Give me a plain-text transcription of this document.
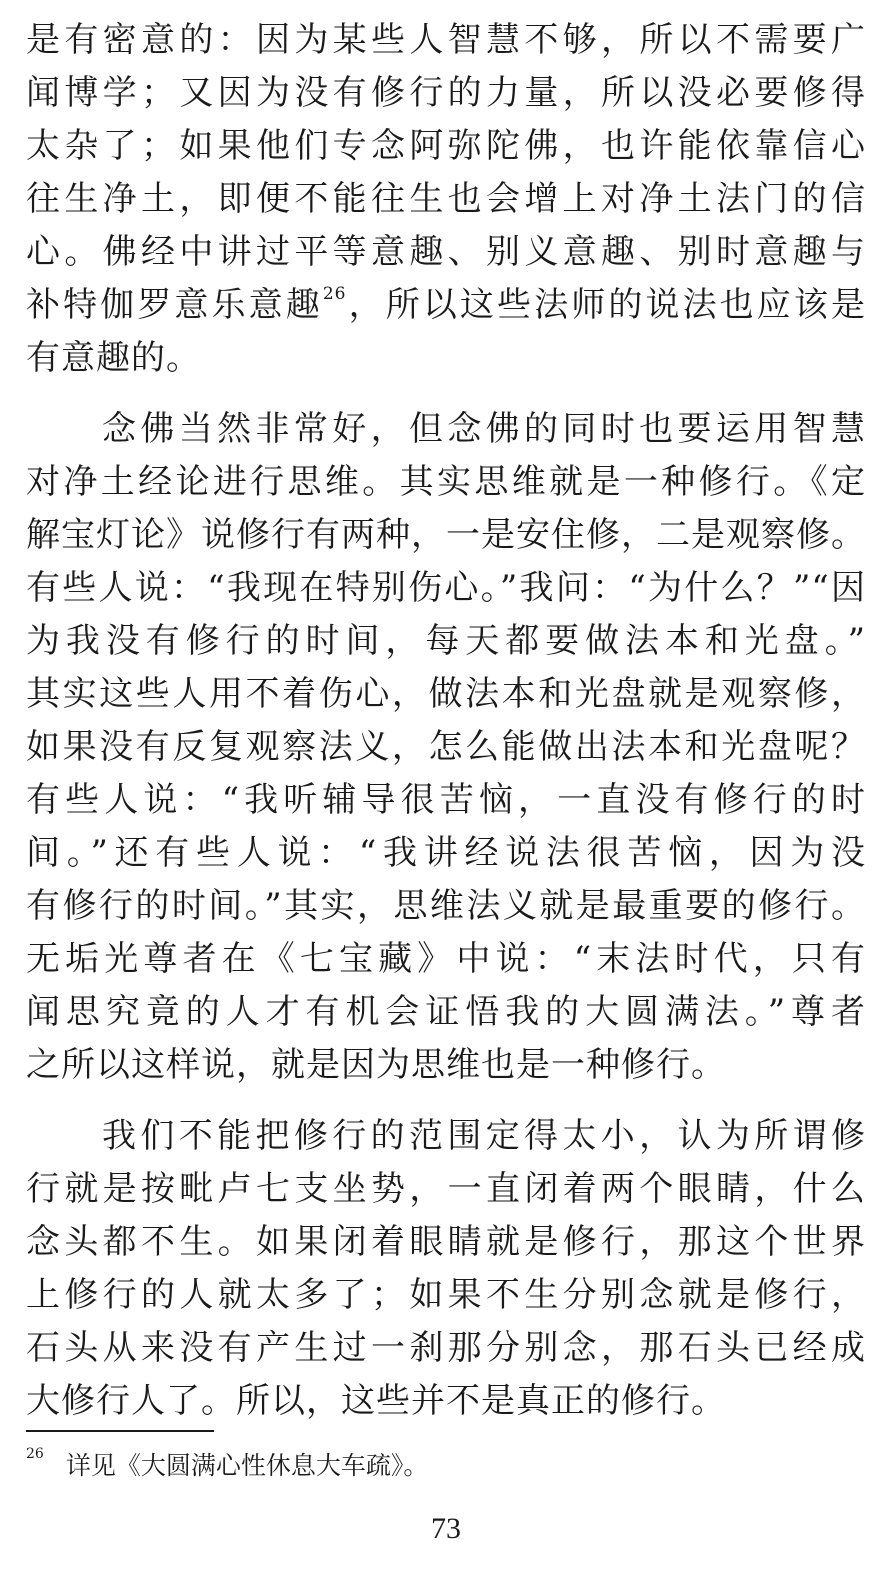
是有密意的：因为某些人智慧不够，所以不需要广
闻博学；又因为没有修行的力量，所以没必要修得
太杂了；如果他们专念阿弥陀佛，也许能依靠信心
往生净土，即便不能往生也会增上对净土法门的信
心。佛经中讲过平等意趣、别义意趣、别时意趣与
补特伽罗意乐意趣$^{26}$，所以这些法师的说法也应该是
有意趣的。
念佛当然非常好，但念佛的同时也要运用智慧
对净土经论进行思维。其实思维就是一种修行。《定
解宝灯论》说修行有两种，一是安住修，二是观察修。
有些人说：“我现在特别伤心。”我问：“为什么？”“因
为我没有修行的时间，每天都要做法本和光盘。”
其实这些人用不着伤心，做法本和光盘就是观察修，
如果没有反复观察法义，怎么能做出法本和光盘呢？
有些人说：“我听辅导很苦恼，一直没有修行的时
间。”还有些人说：“我讲经说法很苦恼，因为没
有修行的时间。”其实，思维法义就是最重要的修行。
无垢光尊者在《七宝藏》中说：“末法时代，只有
闻思究竟的人才有机会证悟我的大圆满法。”尊者
之所以这样说，就是因为思维也是一种修行。
我们不能把修行的范围定得太小，认为所谓修
行就是按毗卢七支坐势，一直闭着两个眼睛，什么
念头都不生。如果闭着眼睛就是修行，那这个世界
上修行的人就太多了；如果不生分别念就是修行，
石头从来没有产生过一刹那分别念，那石头已经成
大修行人了。所以，这些并不是真正的修行。
$^{26}$ 详见《大圆满心性休息大车疏》。
73
